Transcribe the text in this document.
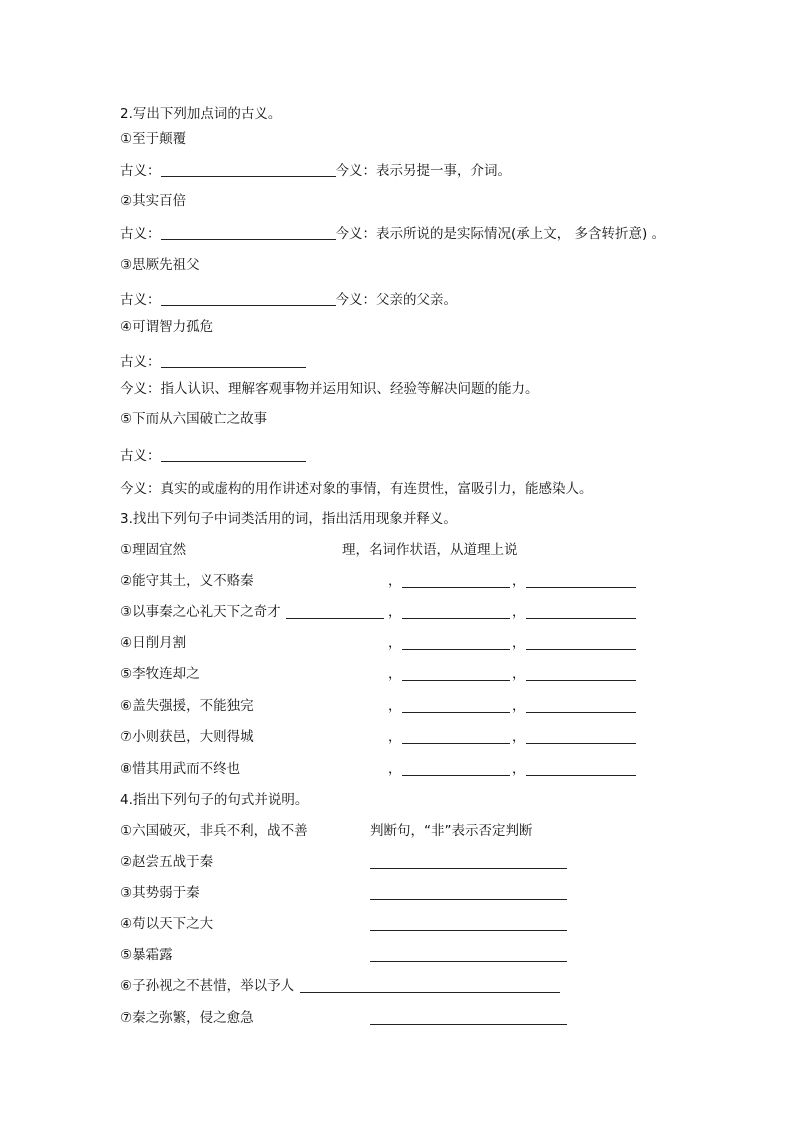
2.写出下列加点词的古义。
①至于颠覆
古义：	今义：表示另提一事，介词。
②其实百倍
古义：	今义：表示所说的是实际情况(承上文， 多含转折意) 。
③思厥先祖父
古义：	今义：父亲的父亲。
④可谓智力孤危
古义：
今义：指人认识、理解客观事物并运用知识、经验等解决问题的能力。
⑤下而从六国破亡之故事
古义：
今义：真实的或虚构的用作讲述对象的事情，有连贯性，富吸引力，能感染人。
3.找出下列句子中词类活用的词，指出活用现象并释义。
①理固宜然	理，名词作状语，从道理上说
②能守其土，义不赂秦	，	，
③以事秦之心礼天下之奇才	，	，
④日削月割	，	，
⑤李牧连却之	，	，
⑥盖失强援，不能独完	，	，
⑦小则获邑，大则得城	，	，
⑧惜其用武而不终也	，	，
4.指出下列句子的句式并说明。
①六国破灭，非兵不利，战不善	判断句，“非”表示否定判断
②赵尝五战于秦
③其势弱于秦
④苟以天下之大
⑤暴霜露
⑥子孙视之不甚惜，举以予人
⑦秦之弥繁，侵之愈急
